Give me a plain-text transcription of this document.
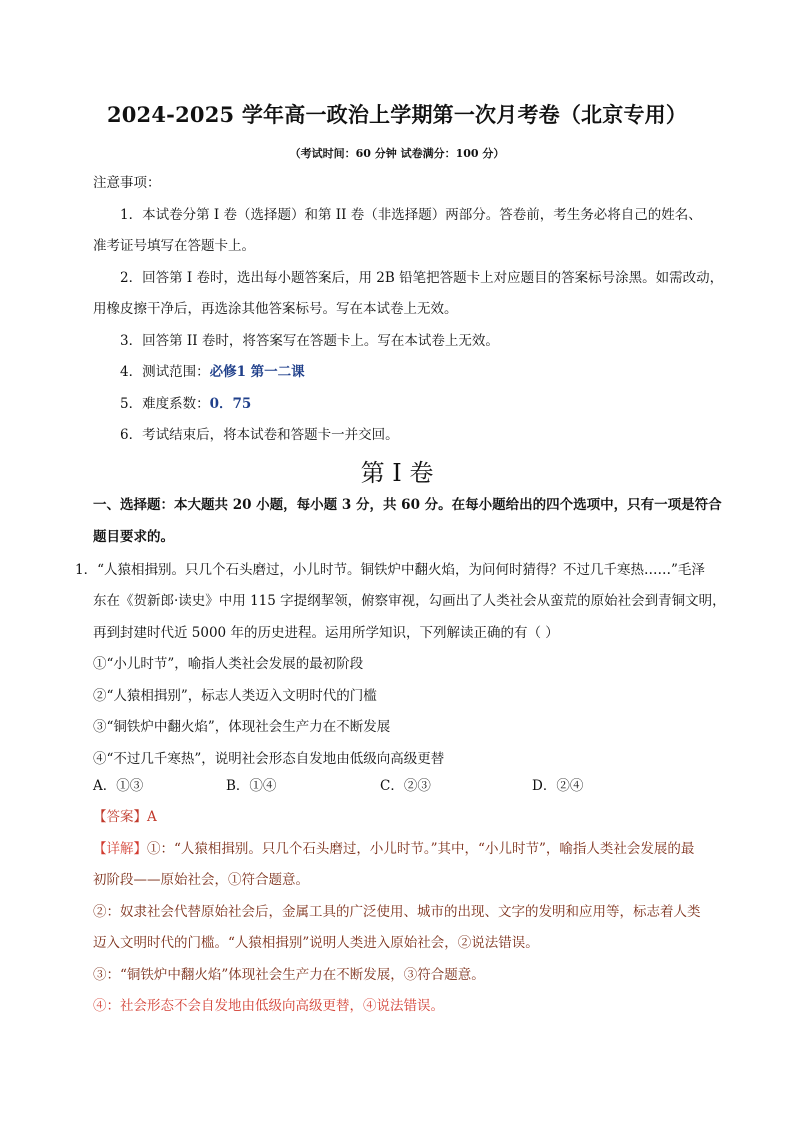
2024-2025 学年高一政治上学期第一次月考卷（北京专用）
（考试时间：60 分钟 试卷满分：100 分）
注意事项：
1．本试卷分第 I 卷（选择题）和第 II 卷（非选择题）两部分。答卷前，考生务必将自己的姓名、
准考证号填写在答题卡上。
2．回答第 I 卷时，选出每小题答案后，用 2B 铅笔把答题卡上对应题目的答案标号涂黑。如需改动，
用橡皮擦干净后，再选涂其他答案标号。写在本试卷上无效。
3．回答第 II 卷时，将答案写在答题卡上。写在本试卷上无效。
4．测试范围：必修1 第一二课
5．难度系数：0．75
6．考试结束后，将本试卷和答题卡一并交回。
第 I 卷
一、选择题：本大题共 20 小题，每小题 3 分，共 60 分。在每小题给出的四个选项中，只有一项是符合
题目要求的。
1．“人猿相揖别。只几个石头磨过，小儿时节。铜铁炉中翻火焰，为问何时猜得？不过几千寒热……”毛泽
东在《贺新郎·读史》中用 115 字提纲挈领，俯察审视，勾画出了人类社会从蛮荒的原始社会到青铜文明，
再到封建时代近 5000 年的历史进程。运用所学知识，下列解读正确的有（ ）
①“小儿时节”，喻指人类社会发展的最初阶段
②“人猿相揖别”，标志人类迈入文明时代的门槛
③“铜铁炉中翻火焰”，体现社会生产力在不断发展
④“不过几千寒热”，说明社会形态自发地由低级向高级更替
A．①③	B．①④	C．②③	D．②④
【答案】A
【详解】①：“人猿相揖别。只几个石头磨过，小儿时节。”其中，“小儿时节”，喻指人类社会发展的最
初阶段——原始社会，①符合题意。
②：奴隶社会代替原始社会后，金属工具的广泛使用、城市的出现、文字的发明和应用等，标志着人类
迈入文明时代的门槛。“人猿相揖别”说明人类进入原始社会，②说法错误。
③：“铜铁炉中翻火焰”体现社会生产力在不断发展，③符合题意。
④：社会形态不会自发地由低级向高级更替，④说法错误。
